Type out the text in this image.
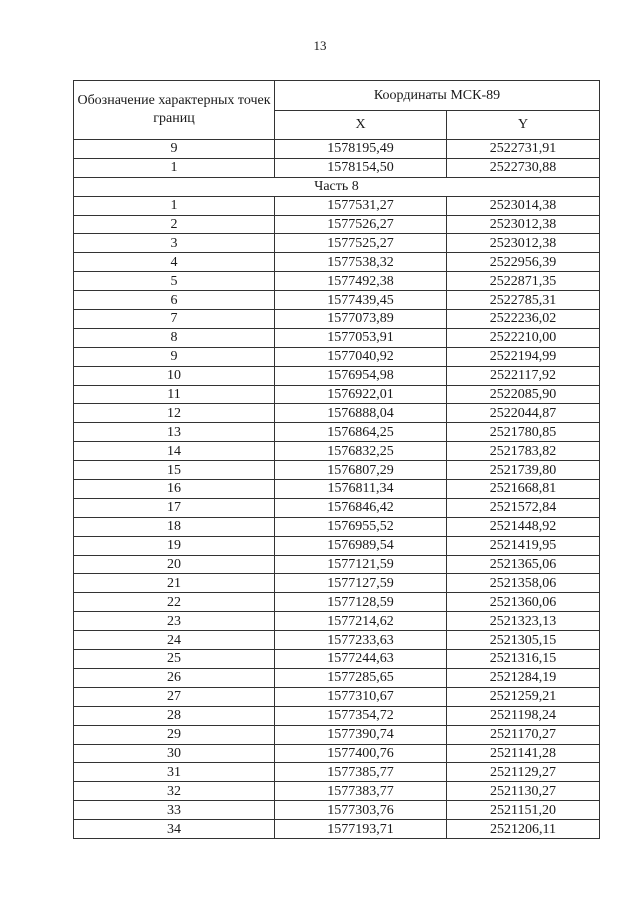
13
Обозначение характерных точек границ	Координаты МСК-89	
	X	Y
9	1578195,49	2522731,91
1	1578154,50	2522730,88
Часть 8		
1	1577531,27	2523014,38
2	1577526,27	2523012,38
3	1577525,27	2523012,38
4	1577538,32	2522956,39
5	1577492,38	2522871,35
6	1577439,45	2522785,31
7	1577073,89	2522236,02
8	1577053,91	2522210,00
9	1577040,92	2522194,99
10	1576954,98	2522117,92
11	1576922,01	2522085,90
12	1576888,04	2522044,87
13	1576864,25	2521780,85
14	1576832,25	2521783,82
15	1576807,29	2521739,80
16	1576811,34	2521668,81
17	1576846,42	2521572,84
18	1576955,52	2521448,92
19	1576989,54	2521419,95
20	1577121,59	2521365,06
21	1577127,59	2521358,06
22	1577128,59	2521360,06
23	1577214,62	2521323,13
24	1577233,63	2521305,15
25	1577244,63	2521316,15
26	1577285,65	2521284,19
27	1577310,67	2521259,21
28	1577354,72	2521198,24
29	1577390,74	2521170,27
30	1577400,76	2521141,28
31	1577385,77	2521129,27
32	1577383,77	2521130,27
33	1577303,76	2521151,20
34	1577193,71	2521206,11
